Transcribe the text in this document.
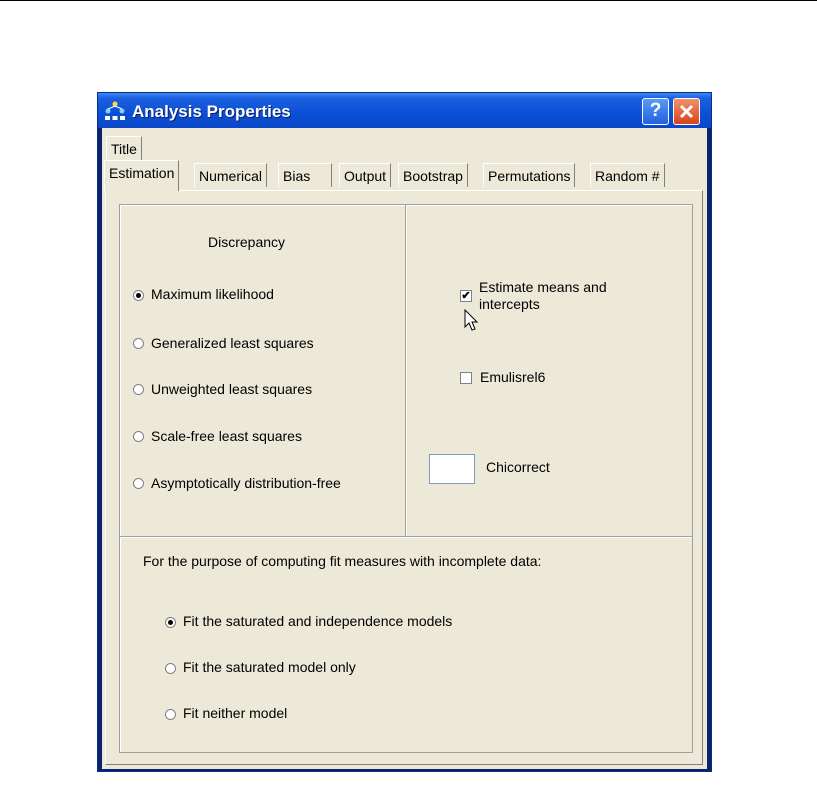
Analysis Properties	?
Title
Estimation	Numerical	Bias	Output	Bootstrap	Permutations	Random #
Discrepancy
Maximum likelihood
Generalized least squares
Unweighted least squares
Scale-free least squares
Asymptotically distribution-free
✔
Estimate means and
intercepts
Emulisrel6
Chicorrect
For the purpose of computing fit measures with incomplete data:
Fit the saturated and independence models
Fit the saturated model only
Fit neither model
